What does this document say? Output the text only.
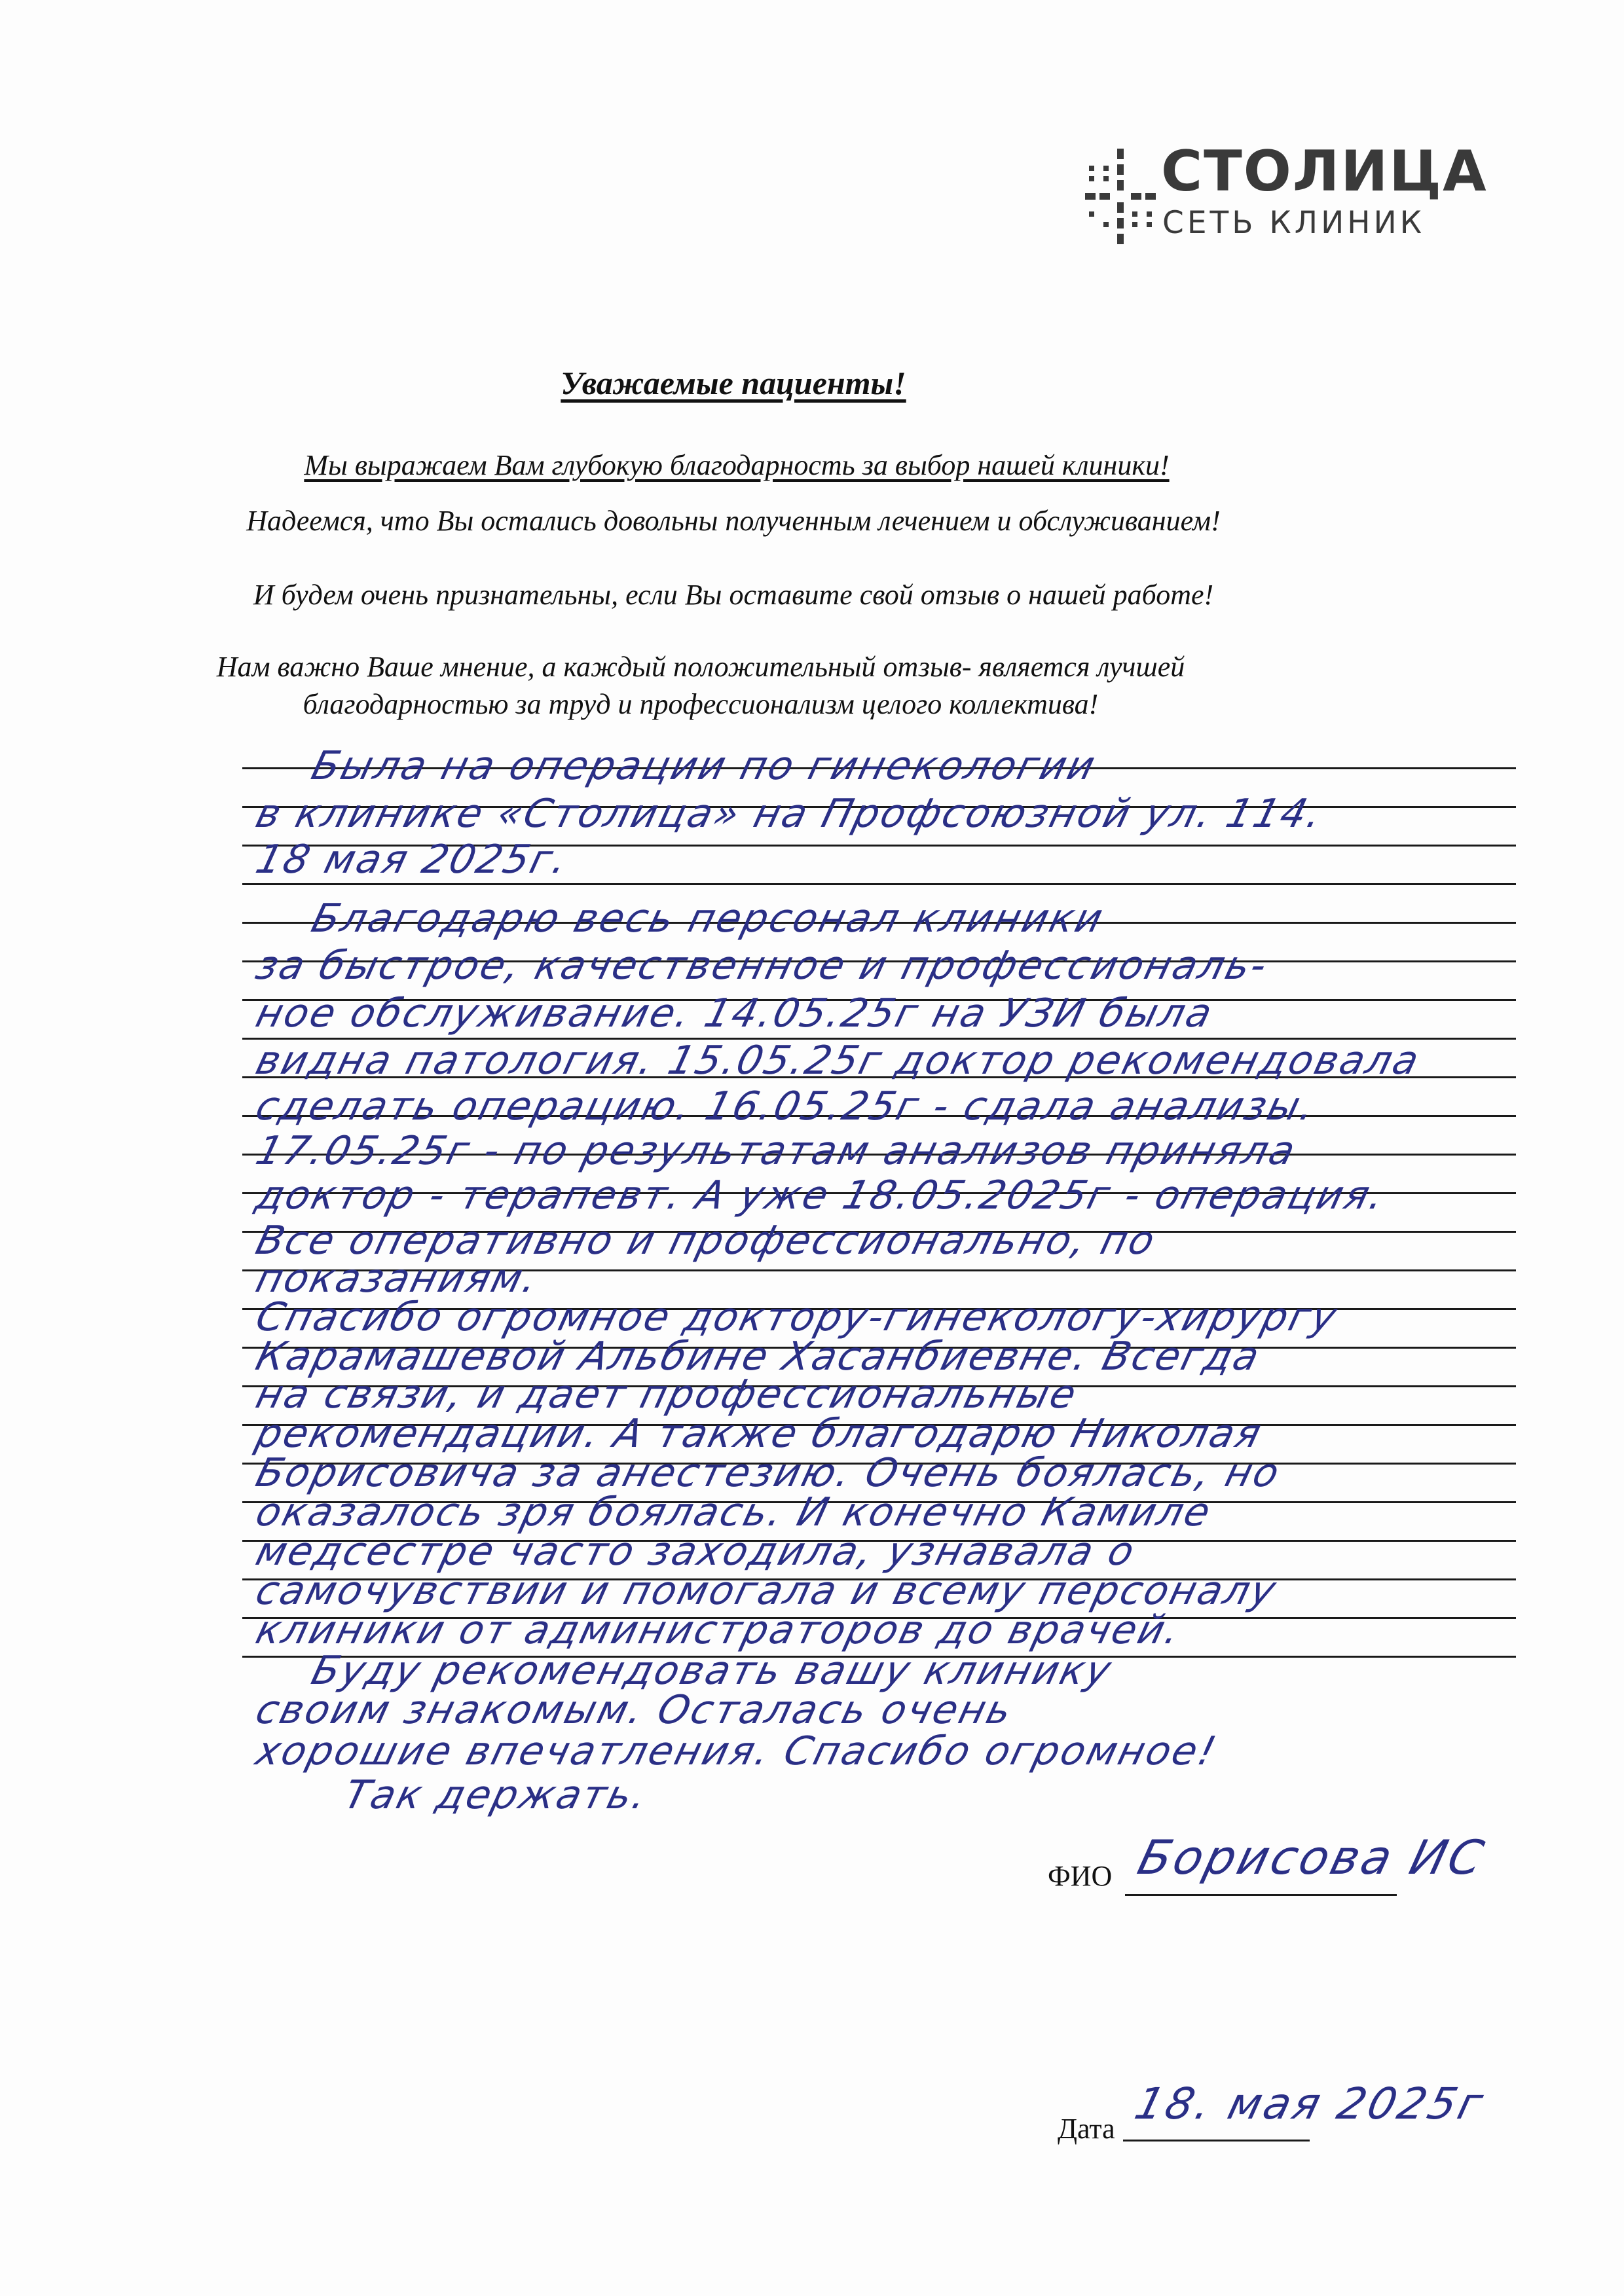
СТОЛИЦА
СЕТЬ КЛИНИК
Уважаемые пациенты!
Мы выражаем Вам глубокую благодарность за выбор нашей клиники!
Надеемся, что Вы остались довольны полученным лечением и обслуживанием!
И будем очень признательны, если Вы оставите свой отзыв о нашей работе!
Нам важно Ваше мнение, а каждый положительный отзыв- является лучшей
благодарностью за труд и профессионализм целого коллектива!
Была на операции по гинекологии
в клинике «Столица» на Профсоюзной ул. 114.
18 мая 2025г.
Благодарю весь персонал клиники
за быстрое, качественное и профессиональ-
ное обслуживание. 14.05.25г на УЗИ была
видна патология. 15.05.25г доктор рекомендовала
сделать операцию. 16.05.25г - сдала анализы.
17.05.25г - по результатам анализов приняла
доктор - терапевт. А уже 18.05.2025г - операция.
Все оперативно и профессионально, по
показаниям.
Спасибо огромное доктору-гинекологу-хирургу
Карамашевой Альбине Хасанбиевне. Всегда
на связи, и дает профессиональные
рекомендации. А также благодарю Николая
Борисовича за анестезию. Очень боялась, но
оказалось зря боялась. И конечно Камиле
медсестре часто заходила, узнавала о
самочувствии и помогала и всему персоналу
клиники от администраторов до врачей.
Буду рекомендовать вашу клинику
своим знакомым. Осталась очень
хорошие впечатления. Спасибо огромное!
Так держать.
ФИО Борисова ИС
Дата 18. мая 2025г
